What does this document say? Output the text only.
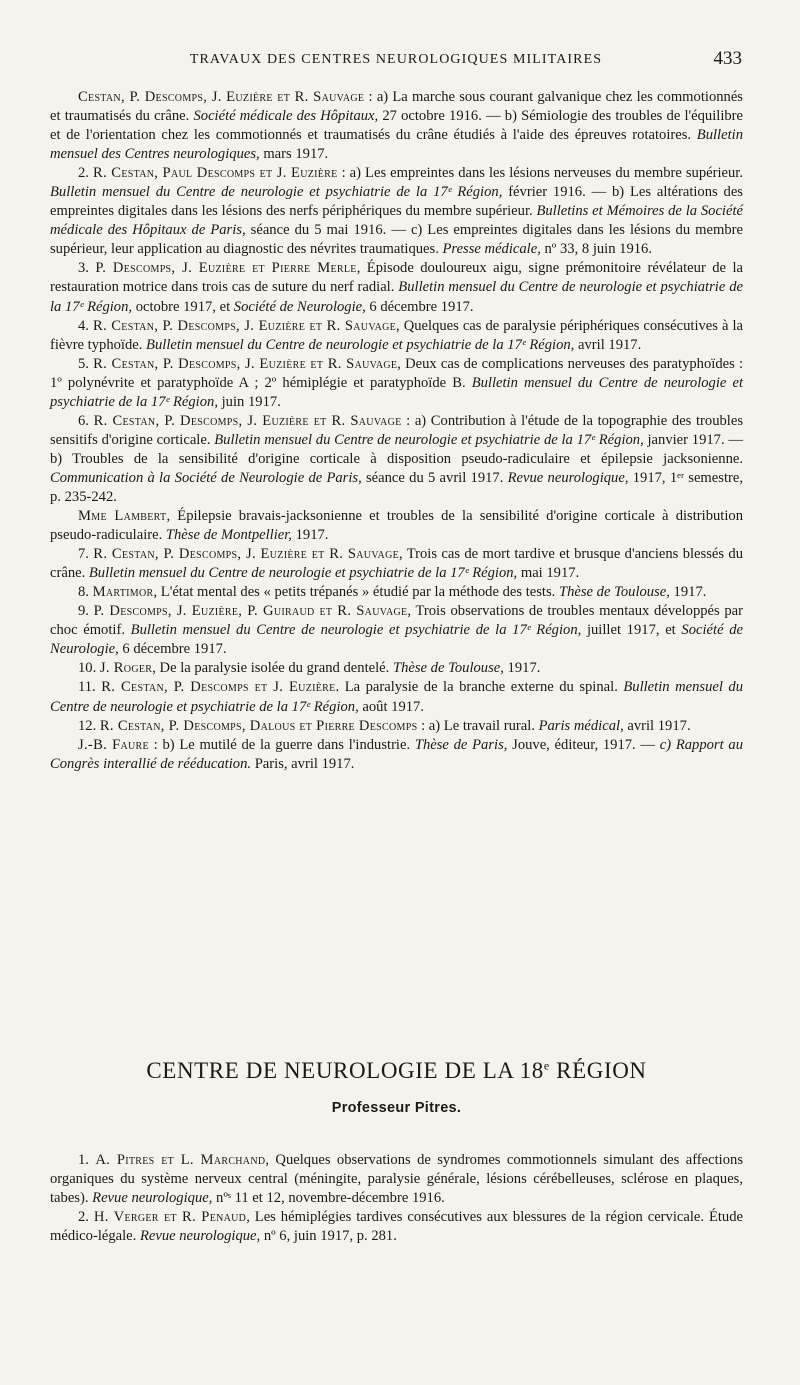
TRAVAUX DES CENTRES NEUROLOGIQUES MILITAIRES	433

Cestan, P. Descomps, J. Euzière et R. Sauvage : a) La marche sous courant galvanique chez les commotionnés et traumatisés du crâne. Société médicale des Hôpitaux, 27 octobre 1916. — b) Sémiologie des troubles de l'équilibre et de l'orientation chez les commotionnés et traumatisés du crâne étudiés à l'aide des épreuves rotatoires. Bulletin mensuel des Centres neurologiques, mars 1917.

2. R. Cestan, Paul Descomps et J. Euzière : a) Les empreintes dans les lésions nerveuses du membre supérieur. Bulletin mensuel du Centre de neurologie et psychiatrie de la 17ᵉ Région, février 1916. — b) Les altérations des empreintes digitales dans les lésions des nerfs périphériques du membre supérieur. Bulletins et Mémoires de la Société médicale des Hôpitaux de Paris, séance du 5 mai 1916. — c) Les empreintes digitales dans les lésions du membre supérieur, leur application au diagnostic des névrites traumatiques. Presse médicale, nº 33, 8 juin 1916.

3. P. Descomps, J. Euzière et Pierre Merle, Épisode douloureux aigu, signe prémonitoire révélateur de la restauration motrice dans trois cas de suture du nerf radial. Bulletin mensuel du Centre de neurologie et psychiatrie de la 17ᵉ Région, octobre 1917, et Société de Neurologie, 6 décembre 1917.

4. R. Cestan, P. Descomps, J. Euzière et R. Sauvage, Quelques cas de paralysie périphériques consécutives à la fièvre typhoïde. Bulletin mensuel du Centre de neurologie et psychiatrie de la 17ᵉ Région, avril 1917.

5. R. Cestan, P. Descomps, J. Euzière et R. Sauvage, Deux cas de complications nerveuses des paratyphoïdes : 1º polynévrite et paratyphoïde A ; 2º hémiplégie et paratyphoïde B. Bulletin mensuel du Centre de neurologie et psychiatrie de la 17ᵉ Région, juin 1917.

6. R. Cestan, P. Descomps, J. Euzière et R. Sauvage : a) Contribution à l'étude de la topographie des troubles sensitifs d'origine corticale. Bulletin mensuel du Centre de neurologie et psychiatrie de la 17ᵉ Région, janvier 1917. — b) Troubles de la sensibilité d'origine corticale à disposition pseudo-radiculaire et épilepsie jacksonienne. Communication à la Société de Neurologie de Paris, séance du 5 avril 1917. Revue neurologique, 1917, 1ᵉʳ semestre, p. 235-242.

Mme Lambert, Épilepsie bravais-jacksonienne et troubles de la sensibilité d'origine corticale à distribution pseudo-radiculaire. Thèse de Montpellier, 1917.

7. R. Cestan, P. Descomps, J. Euzière et R. Sauvage, Trois cas de mort tardive et brusque d'anciens blessés du crâne. Bulletin mensuel du Centre de neurologie et psychiatrie de la 17ᵉ Région, mai 1917.

8. Martimor, L'état mental des « petits trépanés » étudié par la méthode des tests. Thèse de Toulouse, 1917.

9. P. Descomps, J. Euzière, P. Guiraud et R. Sauvage, Trois observations de troubles mentaux développés par choc émotif. Bulletin mensuel du Centre de neurologie et psychiatrie de la 17ᵉ Région, juillet 1917, et Société de Neurologie, 6 décembre 1917.

10. J. Roger, De la paralysie isolée du grand dentelé. Thèse de Toulouse, 1917.

11. R. Cestan, P. Descomps et J. Euzière. La paralysie de la branche externe du spinal. Bulletin mensuel du Centre de neurologie et psychiatrie de la 17ᵉ Région, août 1917.

12. R. Cestan, P. Descomps, Dalous et Pierre Descomps : a) Le travail rural. Paris médical, avril 1917.

J.-B. Faure : b) Le mutilé de la guerre dans l'industrie. Thèse de Paris, Jouve, éditeur, 1917. — c) Rapport au Congrès interallié de rééducation. Paris, avril 1917.

CENTRE DE NEUROLOGIE DE LA 18e RÉGION
Professeur Pitres.

1. A. Pitres et L. Marchand, Quelques observations de syndromes commotionnels simulant des affections organiques du système nerveux central (méningite, paralysie générale, lésions cérébelleuses, sclérose en plaques, tabes). Revue neurologique, nºˢ 11 et 12, novembre-décembre 1916.

2. H. Verger et R. Penaud, Les hémiplégies tardives consécutives aux blessures de la région cervicale. Étude médico-légale. Revue neurologique, nº 6, juin 1917, p. 281.
